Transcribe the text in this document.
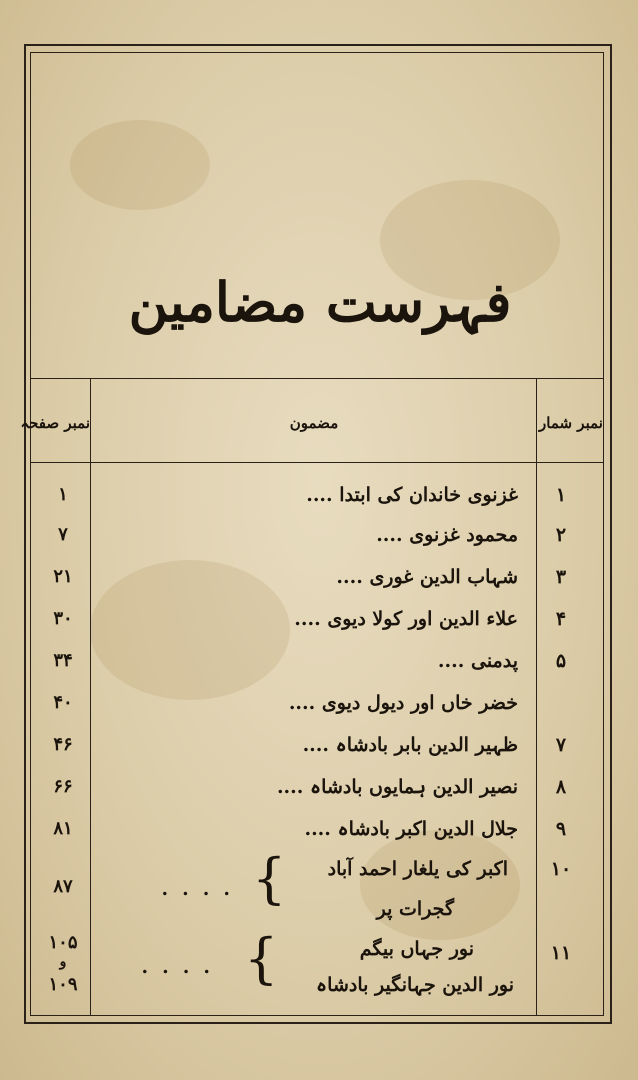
فہرست مضامین
نمبر شمار
مضمون
نمبر صفحہ
۱
غزنوی خاندان کی ابتدا ....
۱
۲
محمود غزنوی ....
۷
۳
شہاب الدین غوری ....
۲۱
۴
علاء الدین اور کولا دیوی ....
۳۰
۵
پدمنی ....
۳۴
خضر خاں اور دیول دیوی ....
۴۰
۷
ظہیر الدین بابر بادشاہ ....
۴۶
۸
نصیر الدین ہمایوں بادشاہ ....
۶۶
۹
جلال الدین اکبر بادشاہ ....
۸۱
۱۰
اکبر کی یلغار احمد آباد
گجرات پر
{
....
۸۷
۱۱
نور جہاں بیگم
نور الدین جہانگیر بادشاہ
{
....
۱۰۵
و
۱۰۹
